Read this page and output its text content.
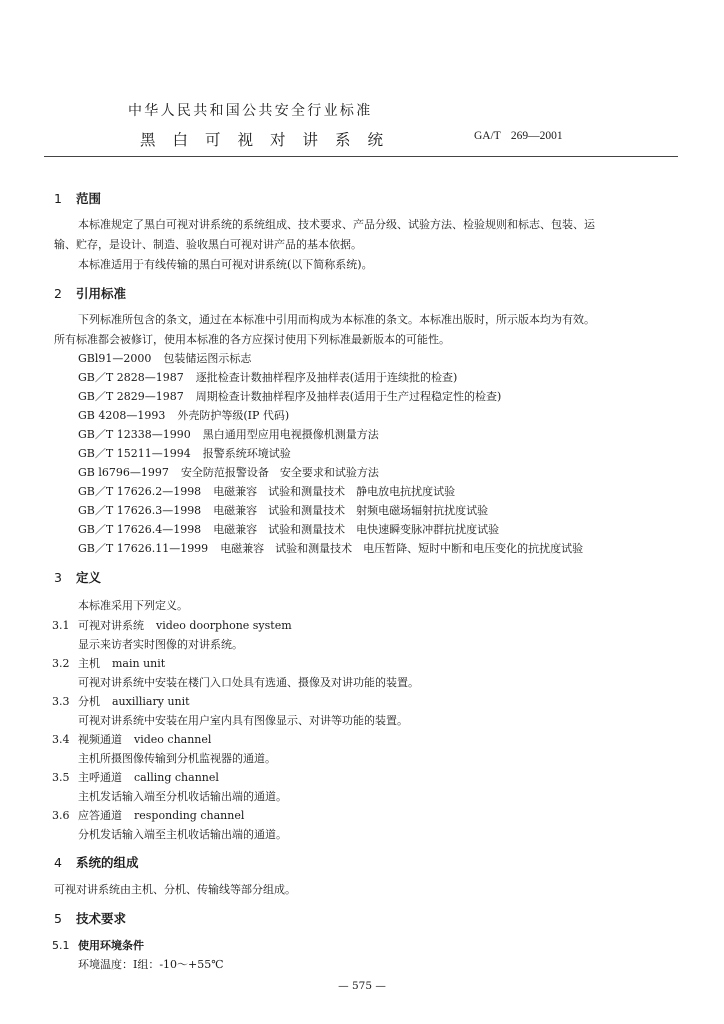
中华人民共和国公共安全行业标准
黑白可视对讲系统	GA/T 269—2001
1 范围
本标准规定了黑白可视对讲系统的系统组成、技术要求、产品分级、试验方法、检验规则和标志、包装、运
输、贮存，是设计、制造、验收黑白可视对讲产品的基本依据。
本标准适用于有线传输的黑白可视对讲系统(以下简称系统)。
2 引用标准
下列标准所包含的条文，通过在本标准中引用而构成为本标准的条文。本标准出版时，所示版本均为有效。
所有标准都会被修订，使用本标准的各方应探讨使用下列标准最新版本的可能性。
GBl91—2000 包装储运图示标志
GB／T 2828—1987 逐批检查计数抽样程序及抽样表(适用于连续批的检查)
GB／T 2829—1987 周期检查计数抽样程序及抽样表(适用于生产过程稳定性的检查)
GB 4208—1993 外壳防护等级(IP 代码)
GB／T 12338—1990 黑白通用型应用电视摄像机测量方法
GB／T 15211—1994 报警系统环境试验
GB l6796—1997 安全防范报警设备　安全要求和试验方法
GB／T 17626.2—1998 电磁兼容　试验和测量技术　静电放电抗扰度试验
GB／T 17626.3—1998 电磁兼容　试验和测量技术　射频电磁场辐射抗扰度试验
GB／T 17626.4—1998 电磁兼容　试验和测量技术　电快速瞬变脉冲群抗扰度试验
GB／T 17626.11—1999 电磁兼容　试验和测量技术　电压暂降、短时中断和电压变化的抗扰度试验
3 定义
本标准采用下列定义。
3.1 可视对讲系统 video doorphone system
显示来访者实时图像的对讲系统。
3.2 主机 main unit
可视对讲系统中安装在楼门入口处具有选通、摄像及对讲功能的装置。
3.3 分机 auxilliary unit
可视对讲系统中安装在用户室内具有图像显示、对讲等功能的装置。
3.4 视频通道 video channel
主机所摄图像传输到分机监视器的通道。
3.5 主呼通道 calling channel
主机发话输入端至分机收话输出端的通道。
3.6 应答通道 responding channel
分机发话输入端至主机收话输出端的通道。
4 系统的组成
可视对讲系统由主机、分机、传输线等部分组成。
5 技术要求
5.1 使用环境条件
环境温度：Ⅰ组：-10～+55℃
— 575 —
